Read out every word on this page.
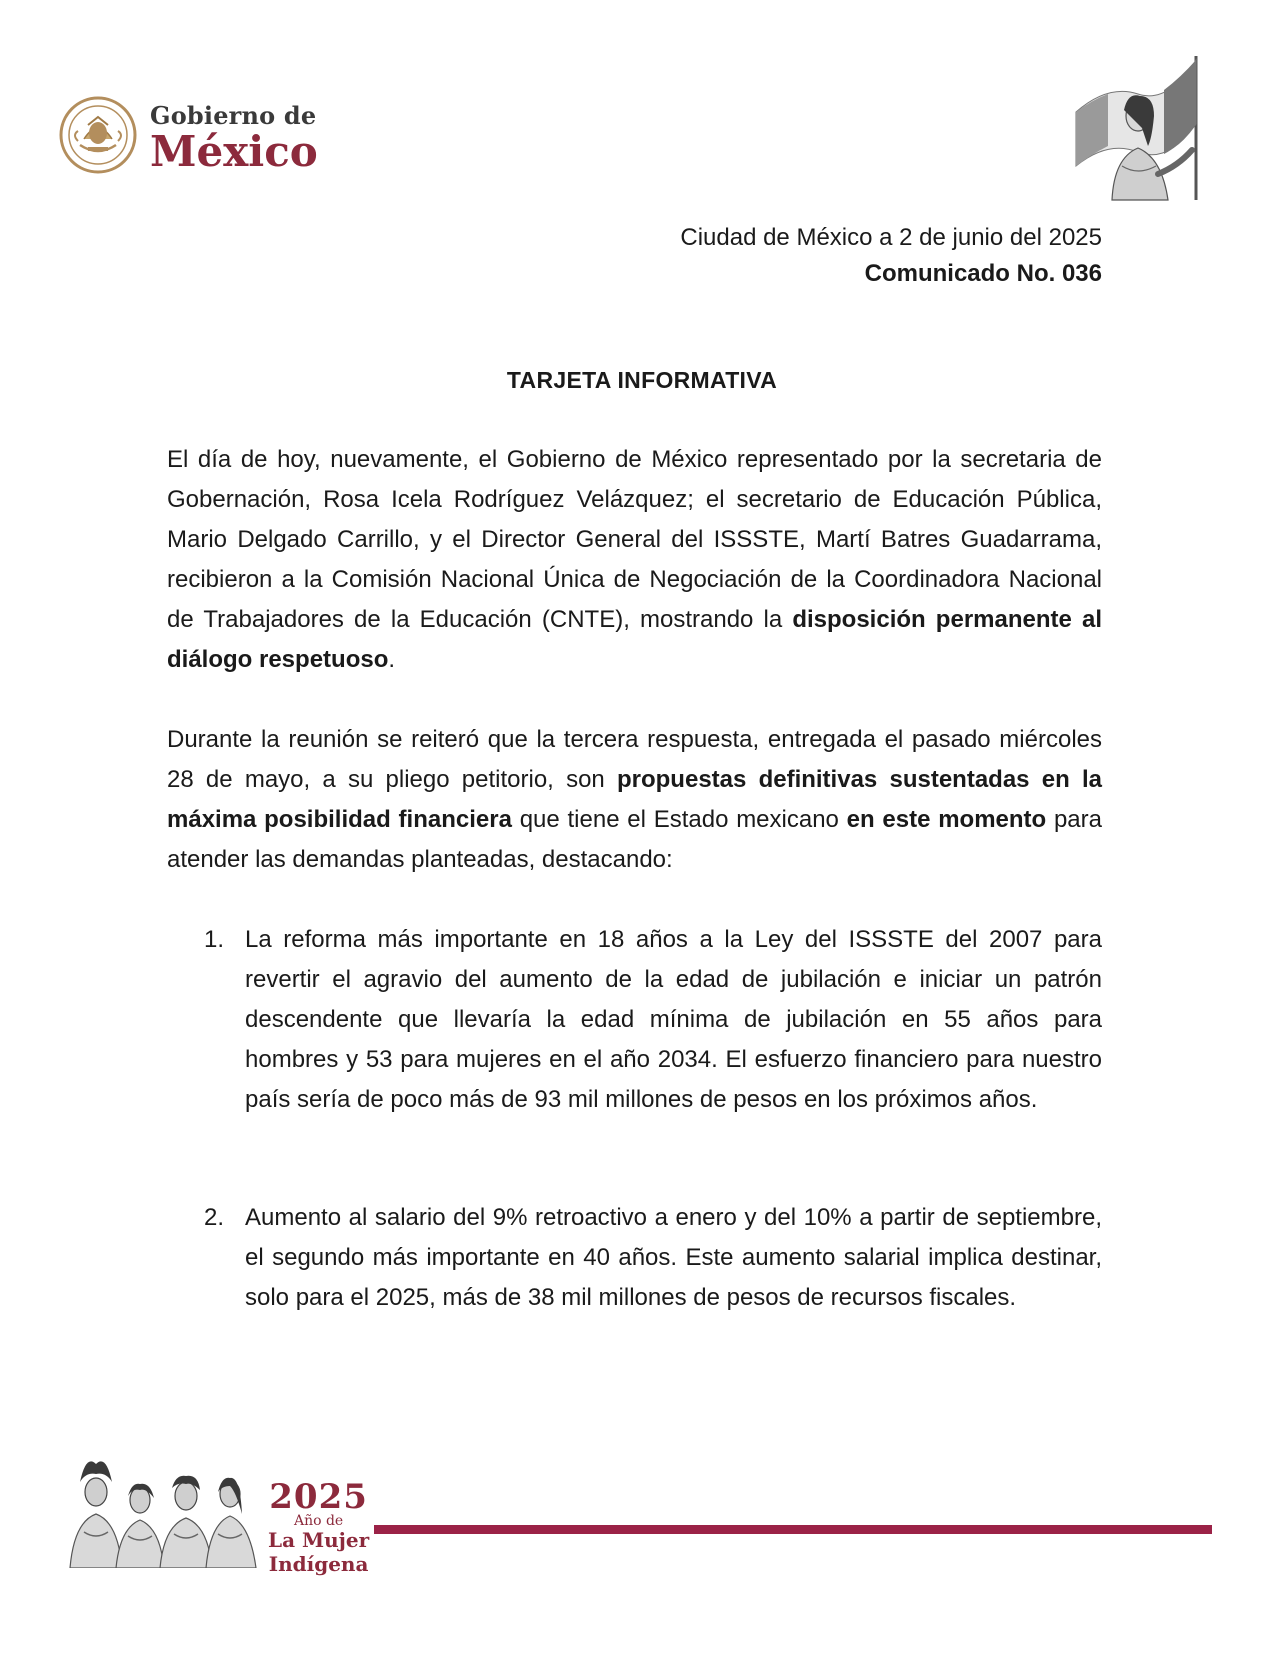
Gobierno de
México
Ciudad de México a 2 de junio del 2025
Comunicado No. 036
TARJETA INFORMATIVA
El día de hoy, nuevamente, el Gobierno de México representado por la secretaria de Gobernación, Rosa Icela Rodríguez Velázquez; el secretario de Educación Pública, Mario Delgado Carrillo, y el Director General del ISSSTE, Martí Batres Guadarrama, recibieron a la Comisión Nacional Única de Negociación de la Coordinadora Nacional de Trabajadores de la Educación (CNTE), mostrando la disposición permanente al diálogo respetuoso.
Durante la reunión se reiteró que la tercera respuesta, entregada el pasado miércoles 28 de mayo, a su pliego petitorio, son propuestas definitivas sustentadas en la máxima posibilidad financiera que tiene el Estado mexicano en este momento para atender las demandas planteadas, destacando:
1. La reforma más importante en 18 años a la Ley del ISSSTE del 2007 para revertir el agravio del aumento de la edad de jubilación e iniciar un patrón descendente que llevaría la edad mínima de jubilación en 55 años para hombres y 53 para mujeres en el año 2034. El esfuerzo financiero para nuestro país sería de poco más de 93 mil millones de pesos en los próximos años.
2. Aumento al salario del 9% retroactivo a enero y del 10% a partir de septiembre, el segundo más importante en 40 años. Este aumento salarial implica destinar, solo para el 2025, más de 38 mil millones de pesos de recursos fiscales.
2025
Año de
La Mujer
Indígena
